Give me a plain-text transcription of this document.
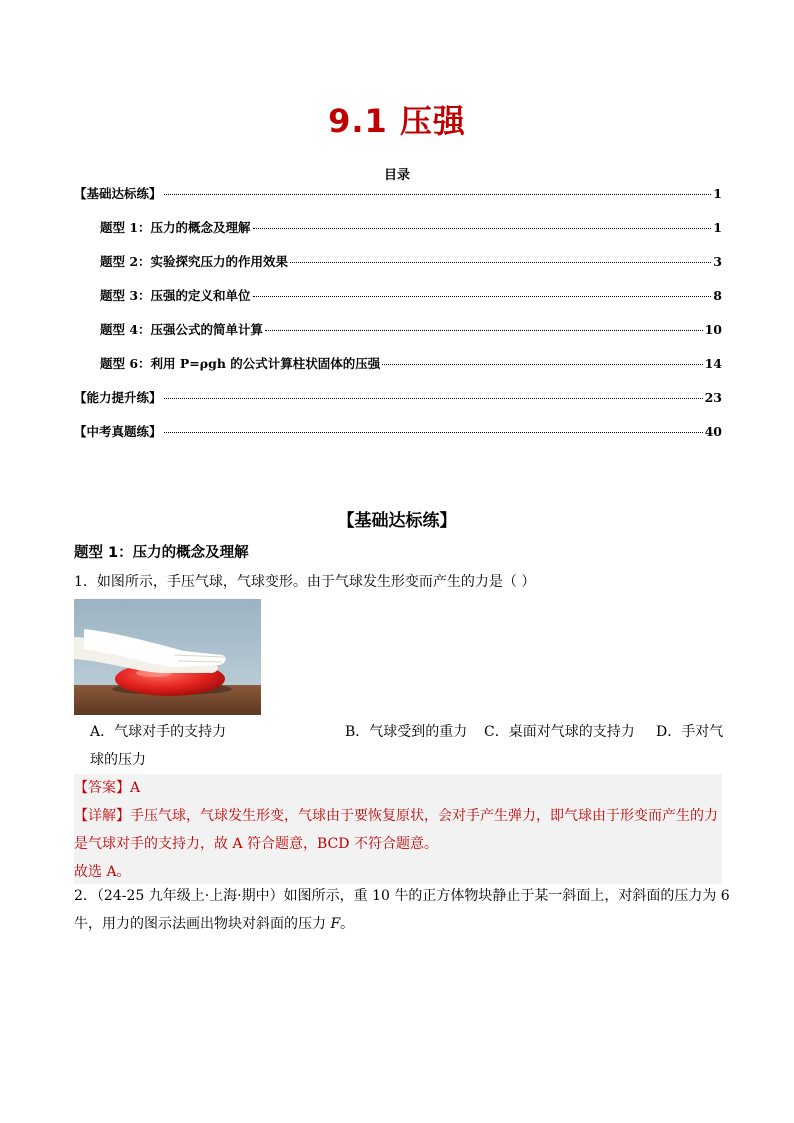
9.1 压强
目录
【基础达标练】	1
题型 1：压力的概念及理解	1
题型 2：实验探究压力的作用效果	3
题型 3：压强的定义和单位	8
题型 4：压强公式的简单计算	10
题型 6：利用 P=ρgh 的公式计算柱状固体的压强	14
【能力提升练】	23
【中考真题练】	40
【基础达标练】
题型 1：压力的概念及理解
1．如图所示，手压气球，气球变形。由于气球发生形变而产生的力是（ ）
A．气球对手的支持力	B．气球受到的重力 C．桌面对气球的支持力 D．手对气
球的压力
【答案】A
【详解】手压气球，气球发生形变，气球由于要恢复原状，会对手产生弹力，即气球由于形变而产生的力
是气球对手的支持力，故 A 符合题意，BCD 不符合题意。
故选 A。
2．（24-25 九年级上·上海·期中）如图所示，重 10 牛的正方体物块静止于某一斜面上，对斜面的压力为 6
牛，用力的图示法画出物块对斜面的压力 F。
